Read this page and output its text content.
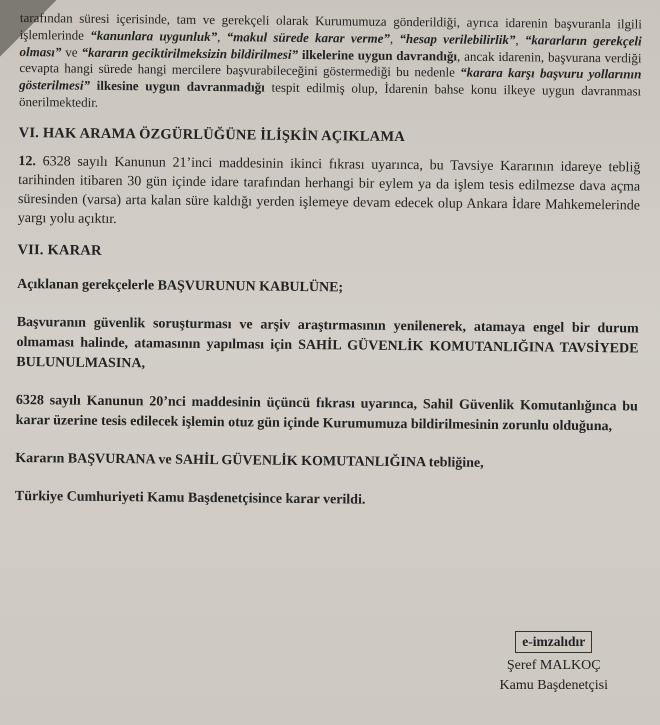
tarafından süresi içerisinde, tam ve gerekçeli olarak Kurumumuza gönderildiği, ayrıca idarenin başvuranla ilgili işlemlerinde “kanunlara uygunluk”, “makul sürede karar verme”, “hesap verilebilirlik”, “kararların gerekçeli olması” ve “kararın geciktirilmeksizin bildirilmesi” ilkelerine uygun davrandığı, ancak idarenin, başvurana verdiği cevapta hangi sürede hangi mercilere başvurabileceğini göstermediği bu nedenle “karara karşı başvuru yollarının gösterilmesi” ilkesine uygun davranmadığı tespit edilmiş olup, İdarenin bahse konu ilkeye uygun davranması önerilmektedir.

VI. HAK ARAMA ÖZGÜRLÜĞÜNE İLİŞKİN AÇIKLAMA

12. 6328 sayılı Kanunun 21’inci maddesinin ikinci fıkrası uyarınca, bu Tavsiye Kararının idareye tebliğ tarihinden itibaren 30 gün içinde idare tarafından herhangi bir eylem ya da işlem tesis edilmezse dava açma süresinden (varsa) arta kalan süre kaldığı yerden işlemeye devam edecek olup Ankara İdare Mahkemelerinde yargı yolu açıktır.

VII. KARAR

Açıklanan gerekçelerle BAŞVURUNUN KABULÜNE;

Başvuranın güvenlik soruşturması ve arşiv araştırmasının yenilenerek, atamaya engel bir durum olmaması halinde, atamasının yapılması için SAHİL GÜVENLİK KOMUTANLIĞINA TAVSİYEDE BULUNULMASINA,

6328 sayılı Kanunun 20’nci maddesinin üçüncü fıkrası uyarınca, Sahil Güvenlik Komutanlığınca bu karar üzerine tesis edilecek işlemin otuz gün içinde Kurumumuza bildirilmesinin zorunlu olduğuna,

Kararın BAŞVURANA ve SAHİL GÜVENLİK KOMUTANLIĞINA tebliğine,

Türkiye Cumhuriyeti Kamu Başdenetçisince karar verildi.

e-imzalıdır
Şeref MALKOÇ
Kamu Başdenetçisi
